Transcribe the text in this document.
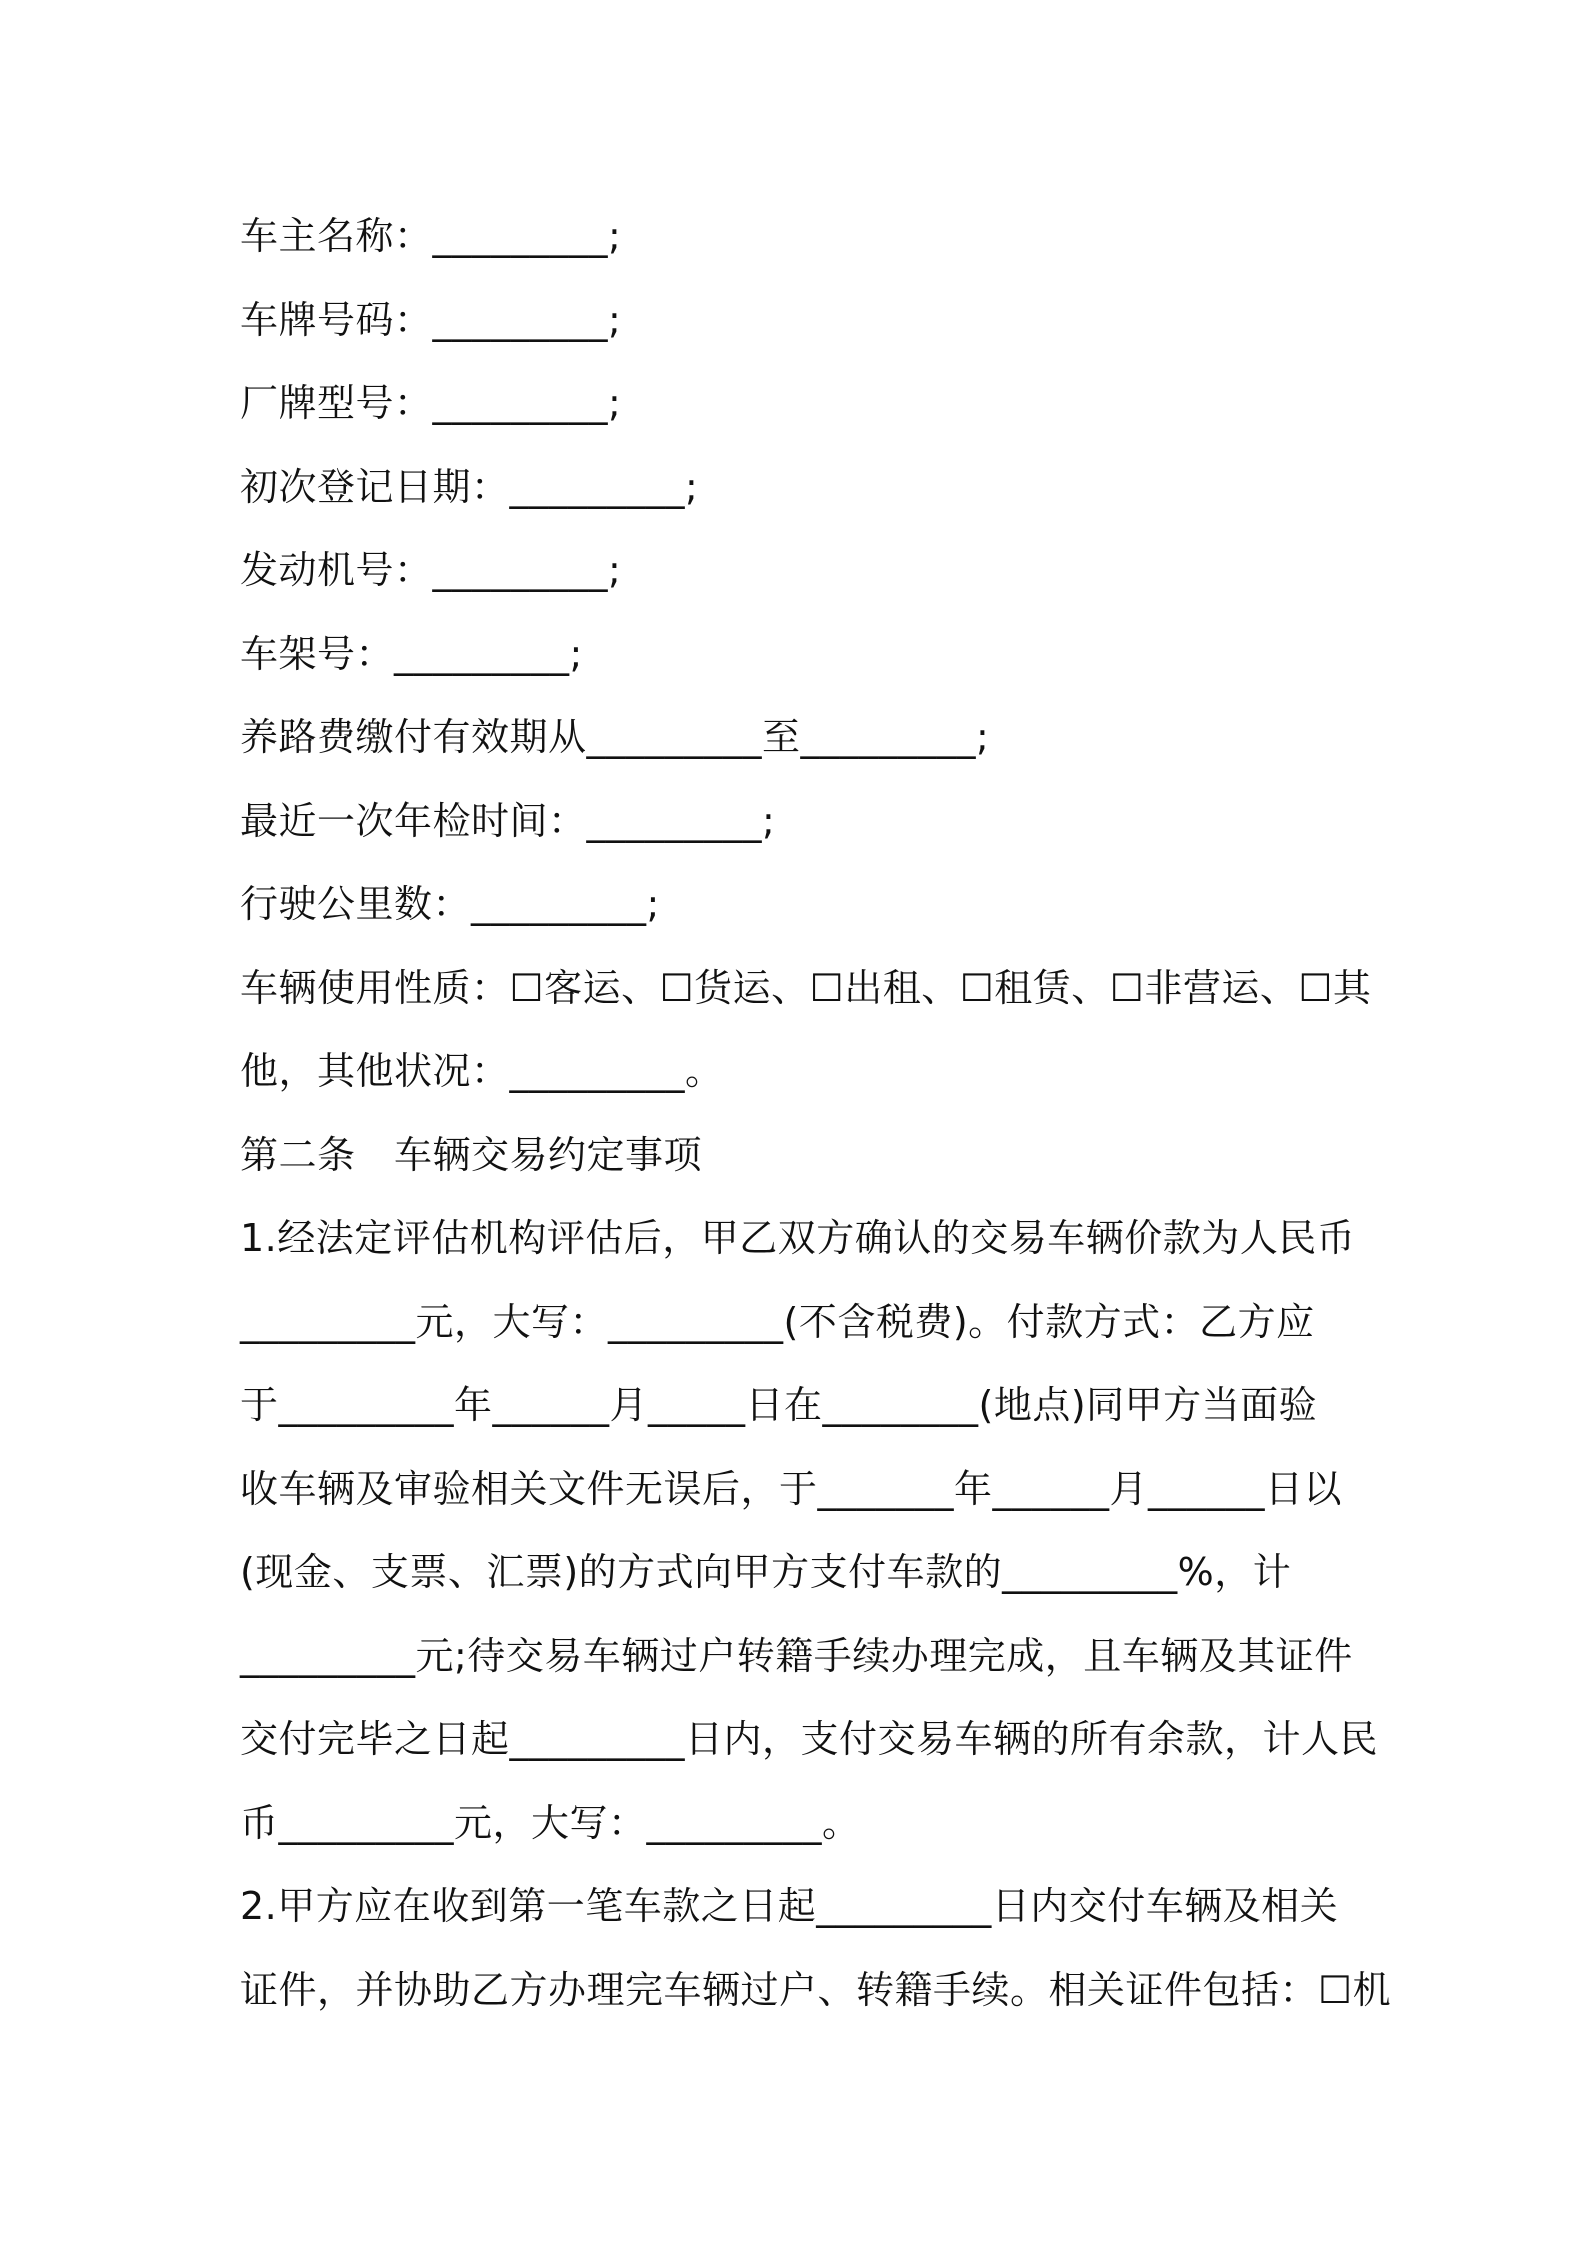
车主名称：_________;
车牌号码：_________;
厂牌型号：_________;
初次登记日期：_________;
发动机号：_________;
车架号：_________;
养路费缴付有效期从_________至_________;
最近一次年检时间：_________;
行驶公里数：_________;
车辆使用性质：☐客运、☐货运、☐出租、☐租赁、☐非营运、☐其
他，其他状况：_________。
第二条　车辆交易约定事项
1.经法定评估机构评估后，甲乙双方确认的交易车辆价款为人民币
_________元，大写：_________(不含税费)。付款方式：乙方应
于_________年______月_____日在________(地点)同甲方当面验
收车辆及审验相关文件无误后，于_______年______月______日以
(现金、支票、汇票)的方式向甲方支付车款的_________%，计
_________元;待交易车辆过户转籍手续办理完成，且车辆及其证件
交付完毕之日起_________日内，支付交易车辆的所有余款，计人民
币_________元，大写：_________。
2.甲方应在收到第一笔车款之日起_________日内交付车辆及相关
证件，并协助乙方办理完车辆过户、转籍手续。相关证件包括：☐机
